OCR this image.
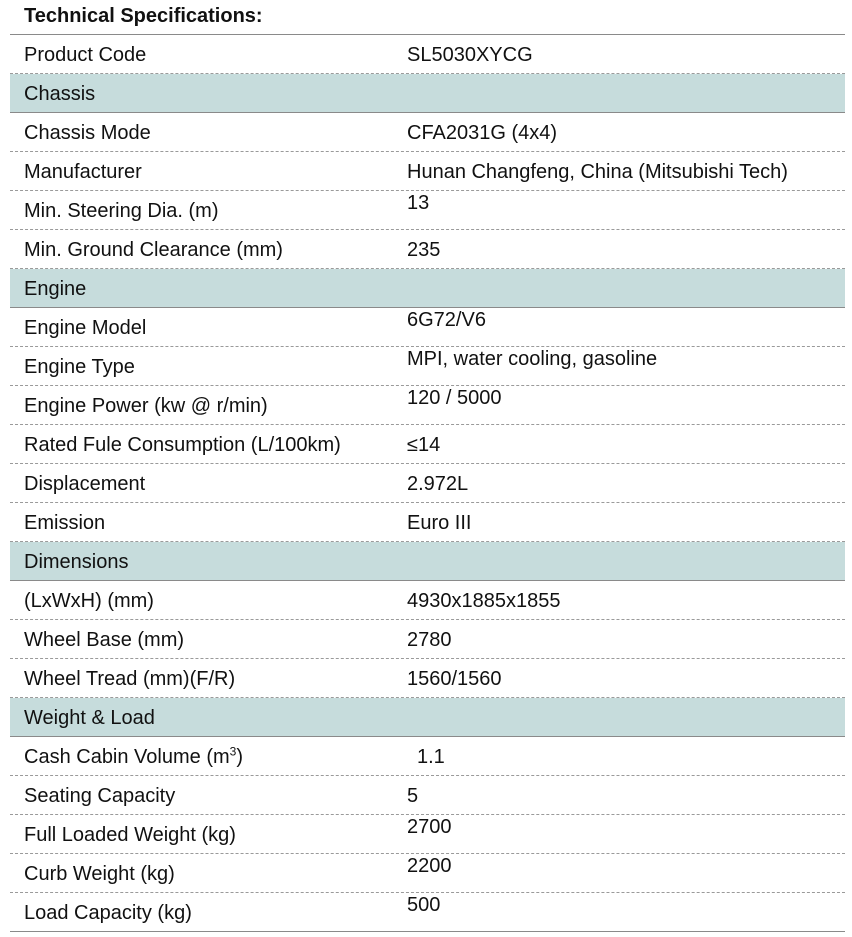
Technical Specifications:
Product Code	SL5030XYCG
Chassis
Chassis Mode	CFA2031G (4x4)
Manufacturer	Hunan Changfeng, China (Mitsubishi Tech)
Min. Steering Dia. (m)	13
Min. Ground Clearance (mm)	235
Engine
Engine Model	6G72/V6
Engine Type	MPI, water cooling, gasoline
Engine Power (kw @ r/min)	120 / 5000
Rated Fule Consumption (L/100km)	≤14
Displacement	2.972L
Emission	Euro III
Dimensions
(LxWxH) (mm)	4930x1885x1855
Wheel Base (mm)	2780
Wheel Tread (mm)(F/R)	1560/1560
Weight & Load
Cash Cabin Volume $(m^3)$	1.1
Seating Capacity	5
Full Loaded Weight (kg)	2700
Curb Weight (kg)	2200
Load Capacity (kg)	500
